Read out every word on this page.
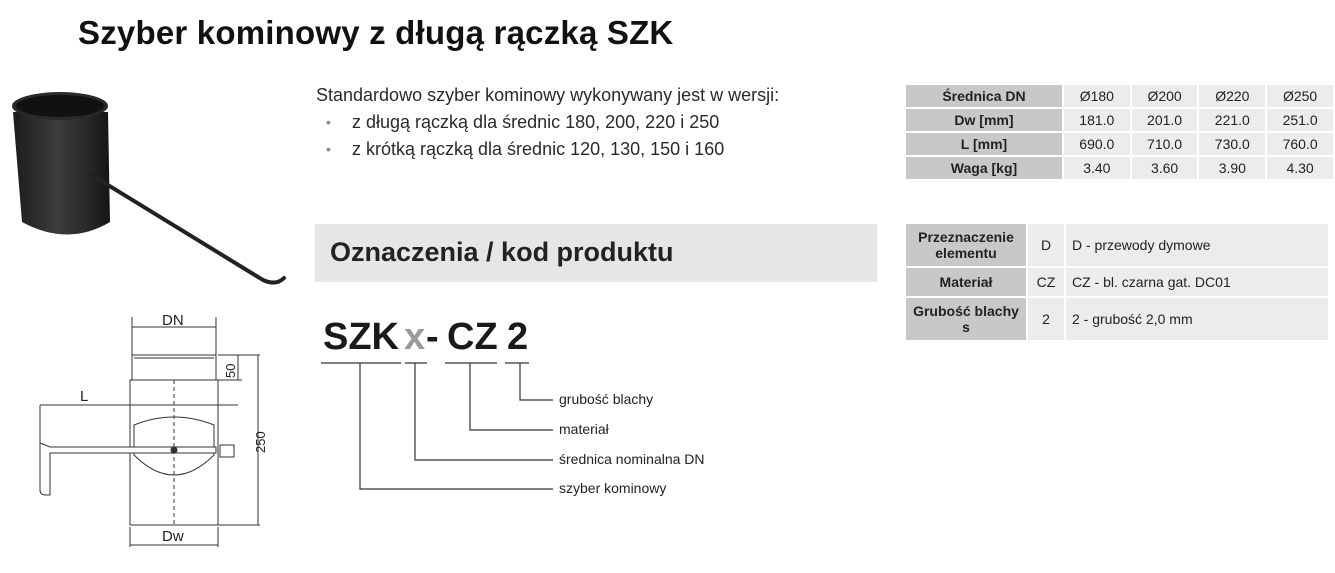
Szyber kominowy z długą rączką SZK
Standardowo szyber kominowy wykonywany jest w wersji:
• z długą rączką dla średnic 180, 200, 220 i 250
• z krótką rączką dla średnic 120, 130, 150 i 160
Oznaczenia / kod produktu
SZK x - CZ 2
grubość blachy
materiał
średnica nominalna DN
szyber kominowy
DN
L
Dw
50
250
Średnica DN	Ø180	Ø200	Ø220	Ø250
Dw [mm]	181.0	201.0	221.0	251.0
L [mm]	690.0	710.0	730.0	760.0
Waga [kg]	3.40	3.60	3.90	4.30
Przeznaczenie elementu	D	D - przewody dymowe
Materiał	CZ	CZ - bl. czarna gat. DC01
Grubość blachy s	2	2 - grubość 2,0 mm
